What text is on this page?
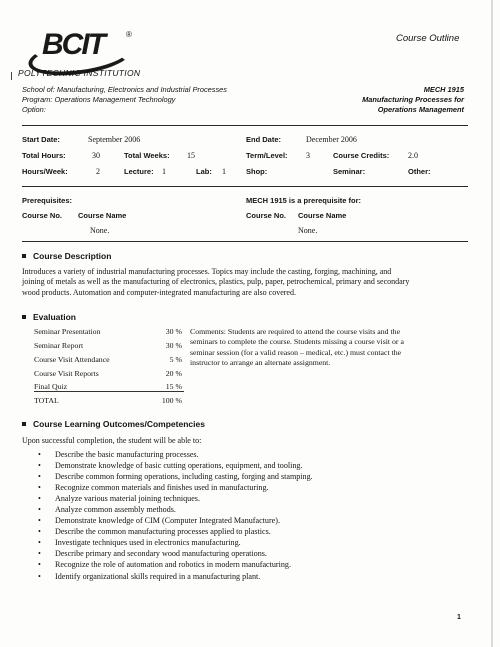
BCIT	®	Course Outline
POLYTECHNIC INSTITUTION
School of: Manufacturing, Electronics and Industrial Processes
Program: Operations Management Technology
Option:
MECH 1915
Manufacturing Processes for
Operations Management
Start Date:	September 2006	End Date:	December 2006
Total Hours:	30	Total Weeks: 15	Term/Level: 3	Course Credits: 2.0
Hours/Week:	2	Lecture: 1	Lab: 1	Shop:	Seminar:	Other:
Prerequisites:
Course No. Course Name
None.
MECH 1915 is a prerequisite for:
Course No. Course Name
None.
Course Description
Introduces a variety of industrial manufacturing processes. Topics may include the casting, forging, machining, and
joining of metals as well as the manufacturing of electronics, plastics, pulp, paper, petrochemical, primary and secondary
wood products. Automation and computer-integrated manufacturing are also covered.
Evaluation
Seminar Presentation	30 %
Seminar Report	30 %
Course Visit Attendance	5 %
Course Visit Reports	20 %
Final Quiz	15 %
TOTAL	100 %
Comments: Students are required to attend the course visits and the
seminars to complete the course. Students missing a course visit or a
seminar session (for a valid reason – medical, etc.) must contact the
instructor to arrange an alternate assignment.
Course Learning Outcomes/Competencies
Upon successful completion, the student will be able to:
• Describe the basic manufacturing processes.
• Demonstrate knowledge of basic cutting operations, equipment, and tooling.
• Describe common forming operations, including casting, forging and stamping.
• Recognize common materials and finishes used in manufacturing.
• Analyze various material joining techniques.
• Analyze common assembly methods.
• Demonstrate knowledge of CIM (Computer Integrated Manufacture).
• Describe the common manufacturing processes applied to plastics.
• Investigate techniques used in electronics manufacturing.
• Describe primary and secondary wood manufacturing operations.
• Recognize the role of automation and robotics in modern manufacturing.
• Identify organizational skills required in a manufacturing plant.
1
